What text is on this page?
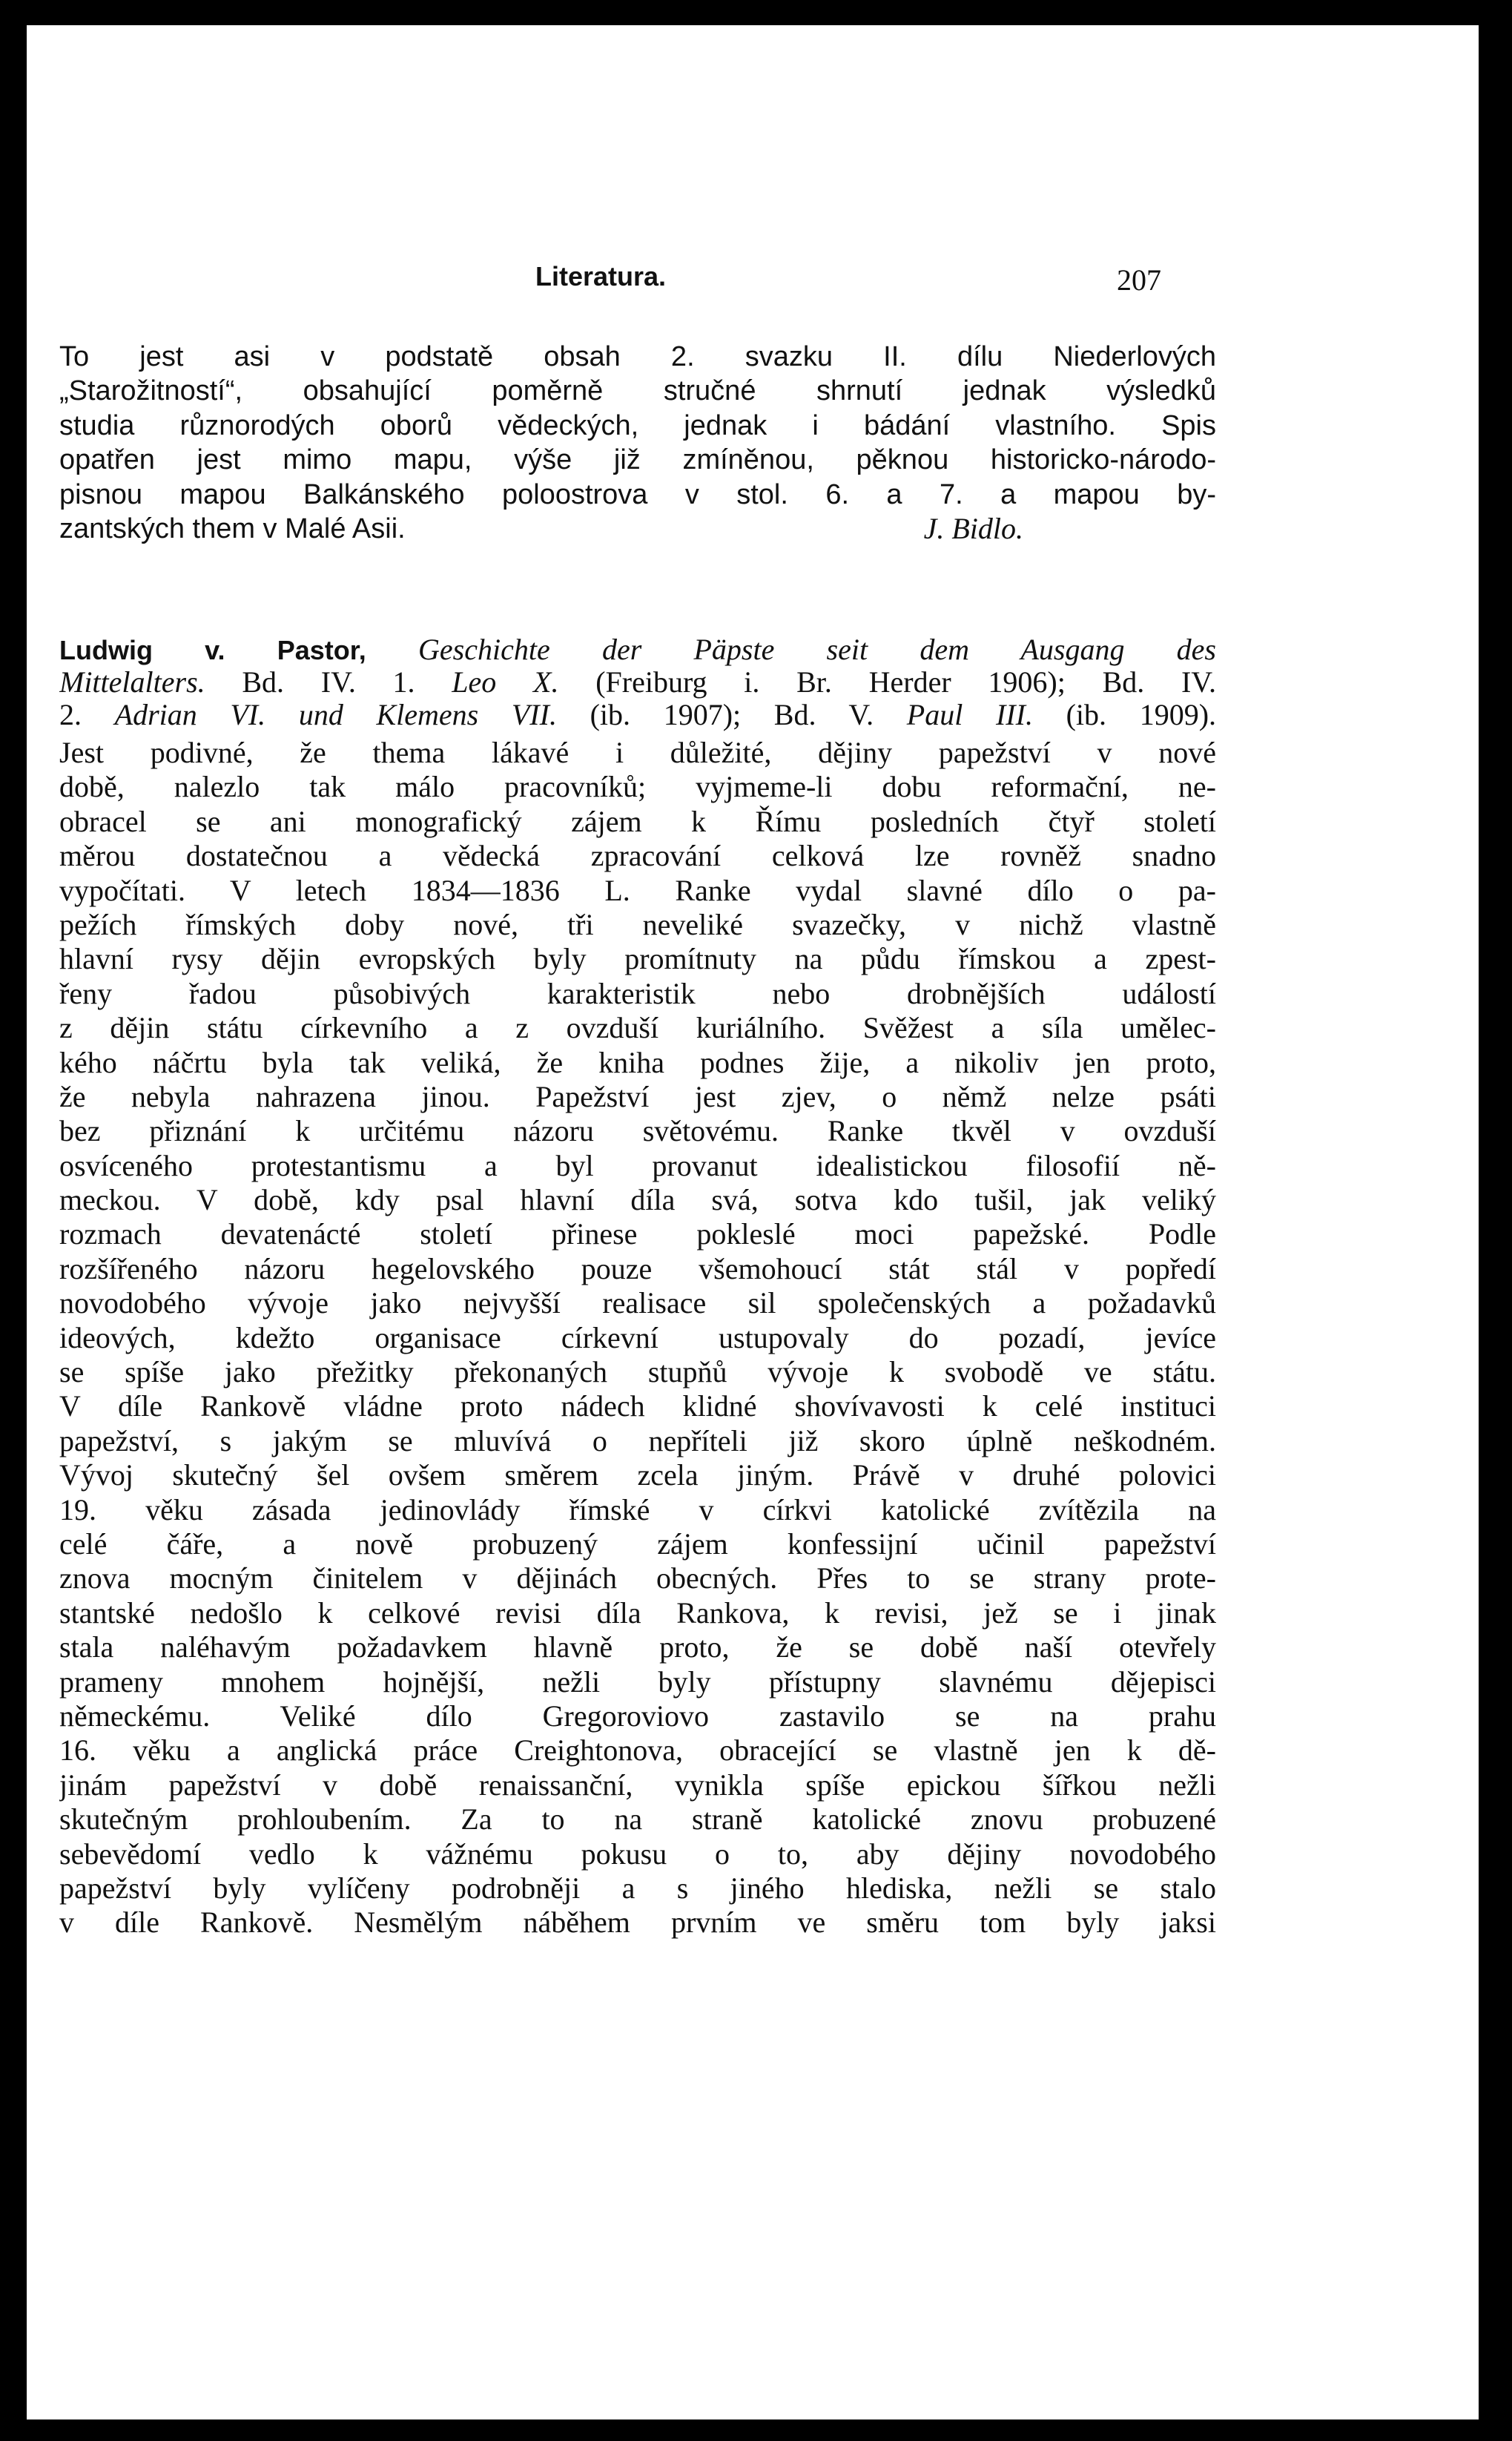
Literatura.	207
To jest asi v podstatě obsah 2. svazku II. dílu Niederlových
„Starožitností“, obsahující poměrně stručné shrnutí jednak výsledků
studia různorodých oborů vědeckých, jednak i bádání vlastního. Spis
opatřen jest mimo mapu, výše již zmíněnou, pěknou historicko-národo-
pisnou mapou Balkánského poloostrova v stol. 6. a 7. a mapou by-
zantských them v Malé Asii.	J. Bidlo.
Ludwig v. Pastor, Geschichte der Päpste seit dem Ausgang des
Mittelalters. Bd. IV. 1. Leo X. (Freiburg i. Br. Herder 1906); Bd. IV.
2. Adrian VI. und Klemens VII. (ib. 1907); Bd. V. Paul III. (ib. 1909).
Jest podivné, že thema lákavé i důležité, dějiny papežství v nové
době, nalezlo tak málo pracovníků; vyjmeme-li dobu reformační, ne-
obracel se ani monografický zájem k Římu posledních čtyř století
měrou dostatečnou a vědecká zpracování celková lze rovněž snadno
vypočítati. V letech 1834—1836 L. Ranke vydal slavné dílo o pa-
pežích římských doby nové, tři neveliké svazečky, v nichž vlastně
hlavní rysy dějin evropských byly promítnuty na půdu římskou a zpest-
řeny řadou působivých karakteristik nebo drobnějších událostí
z dějin státu církevního a z ovzduší kuriálního. Svěžest a síla uměleс-
kého náčrtu byla tak veliká, že kniha podnes žije, a nikoliv jen proto,
že nebyla nahrazena jinou. Papežství jest zjev, o němž nelze psáti
bez přiznání k určitému názoru světovému. Ranke tkvěl v ovzduší
osvíceného protestantismu a byl provanut idealistickou filosofií ně-
meckou. V době, kdy psal hlavní díla svá, sotva kdo tušil, jak veliký
rozmach devatenácté století přinese pokleslé moci papežské. Podle
rozšířeného názoru hegelovského pouze všemohoucí stát stál v popředí
novodobého vývoje jako nejvyšší realisace sil společenských a požadavků
ideových, kdežto organisace církevní ustupovaly do pozadí, jevíce
se spíše jako přežitky překonaných stupňů vývoje k svobodě ve státu.
V díle Rankově vládne proto nádech klidné shovívavosti k celé instituci
papežství, s jakým se mluvívá o nepříteli již skoro úplně neškodném.
Vývoj skutečný šel ovšem směrem zcela jiným. Právě v druhé polovici
19. věku zásada jedinovlády římské v církvi katolické zvítězila na
celé čáře, a nově probuzený zájem konfessijní učinil papežství
znova mocným činitelem v dějinách obecných. Přes to se strany prote-
stantské nedošlo k celkové revisi díla Rankova, k revisi, jež se i jinak
stala naléhavým požadavkem hlavně proto, že se době naší otevřely
prameny mnohem hojnější, nežli byly přístupny slavnému dějepisci
německému. Veliké dílo Gregoroviovo zastavilo se na prahu
16. věku a anglická práce Creightonova, obracející se vlastně jen k dě-
jinám papežství v době renaissanční, vynikla spíše epickou šířkou nežli
skutečným prohloubením. Za to na straně katolické znovu probuzené
sebevědomí vedlo k vážnému pokusu o to, aby dějiny novodobého
papežství byly vylíčeny podrobněji a s jiného hlediska, nežli se stalo
v díle Rankově. Nesmělým náběhem prvním ve směru tom byly jaksi
